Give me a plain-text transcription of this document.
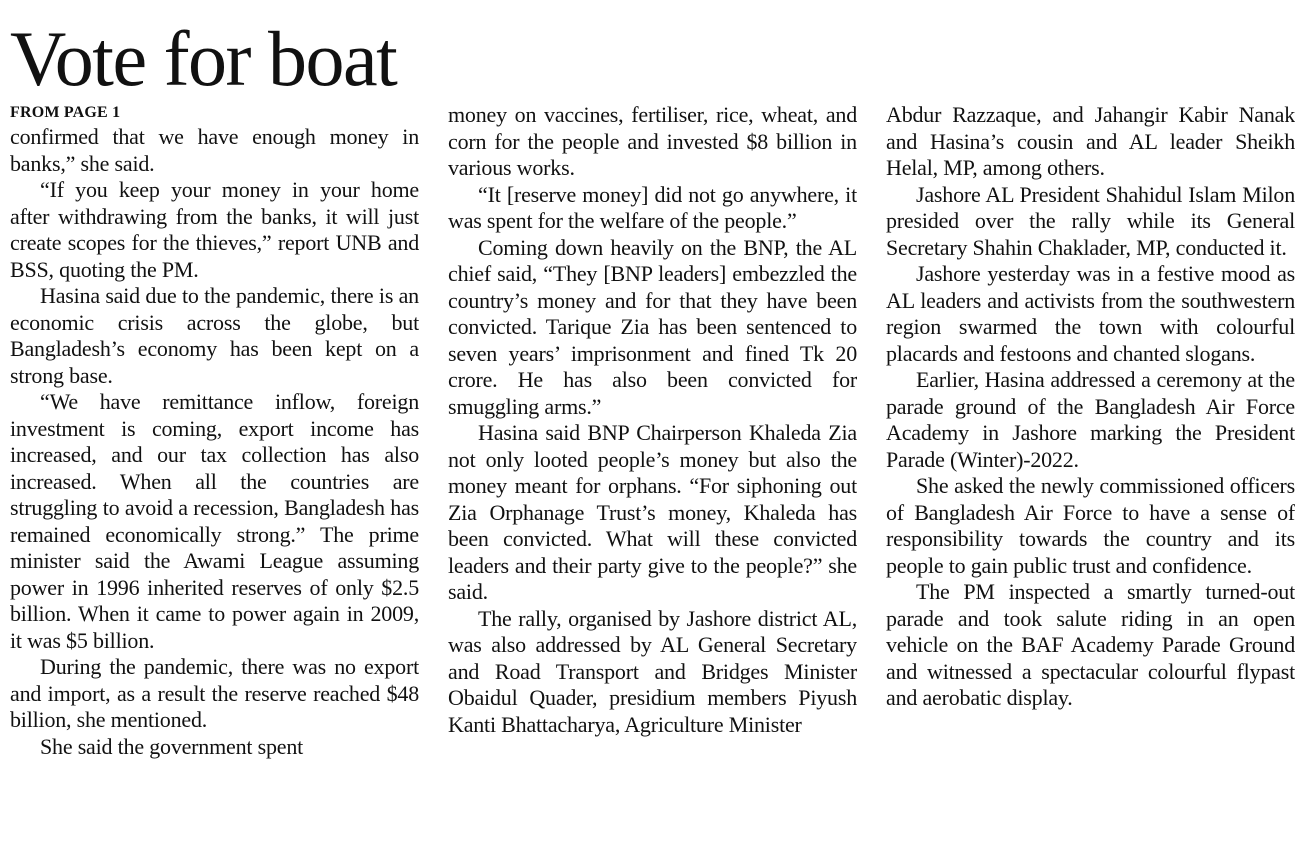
Vote for boat

FROM PAGE 1

confirmed that we have enough money in banks,” she said.

“If you keep your money in your home after withdrawing from the banks, it will just create scopes for the thieves,” report UNB and BSS, quoting the PM.

Hasina said due to the pandemic, there is an economic crisis across the globe, but Bangladesh’s economy has been kept on a strong base.

“We have remittance inflow, foreign investment is coming, export income has increased, and our tax collection has also increased. When all the countries are struggling to avoid a recession, Bangladesh has remained economically strong.” The prime minister said the Awami League assuming power in 1996 inherited reserves of only $2.5 billion. When it came to power again in 2009, it was $5 billion.

During the pandemic, there was no export and import, as a result the reserve reached $48 billion, she mentioned.

She said the government spent

money on vaccines, fertiliser, rice, wheat, and corn for the people and invested $8 billion in various works.

“It [reserve money] did not go anywhere, it was spent for the welfare of the people.”

Coming down heavily on the BNP, the AL chief said, “They [BNP leaders] embezzled the country’s money and for that they have been convicted. Tarique Zia has been sentenced to seven years’ imprisonment and fined Tk 20 crore. He has also been convicted for smuggling arms.”

Hasina said BNP Chairperson Khaleda Zia not only looted people’s money but also the money meant for orphans. “For siphoning out Zia Orphanage Trust’s money, Khaleda has been convicted. What will these convicted leaders and their party give to the people?” she said.

The rally, organised by Jashore district AL, was also addressed by AL General Secretary and Road Transport and Bridges Minister Obaidul Quader, presidium members Piyush Kanti Bhattacharya, Agriculture Minister

Abdur Razzaque, and Jahangir Kabir Nanak and Hasina’s cousin and AL leader Sheikh Helal, MP, among others.

Jashore AL President Shahidul Islam Milon presided over the rally while its General Secretary Shahin Chaklader, MP, conducted it.

Jashore yesterday was in a festive mood as AL leaders and activists from the southwestern region swarmed the town with colourful placards and festoons and chanted slogans.

Earlier, Hasina addressed a ceremony at the parade ground of the Bangladesh Air Force Academy in Jashore marking the President Parade (Winter)-2022.

She asked the newly commissioned officers of Bangladesh Air Force to have a sense of responsibility towards the country and its people to gain public trust and confidence.

The PM inspected a smartly turned-out parade and took salute riding in an open vehicle on the BAF Academy Parade Ground and witnessed a spectacular colourful flypast and aerobatic display.
